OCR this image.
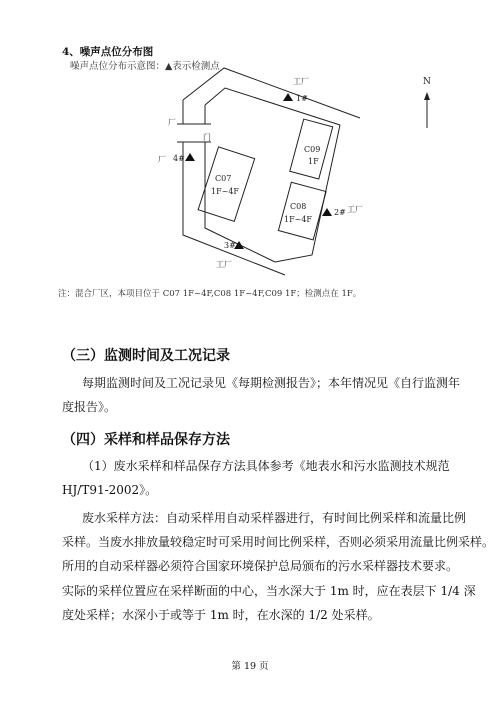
4、噪声点位分布图
噪声点位分布示意图：▲表示检测点
工厂
厂
厂
工厂
工厂
门
1#
2#
3#
4#
C07
1F~4F
C08
1F~4F
C09
1F
N
注：混合厂区，本项目位于 C07 1F~4F,C08 1F~4F,C09 1F；检测点在 1F。
（三）监测时间及工况记录
每期监测时间及工况记录见《每期检测报告》；本年情况见《自行监测年
度报告》。
（四）采样和样品保存方法
（1）废水采样和样品保存方法具体参考《地表水和污水监测技术规范
HJ/T91-2002》。
废水采样方法：自动采样用自动采样器进行，有时间比例采样和流量比例
采样。当废水排放量较稳定时可采用时间比例采样，否则必须采用流量比例采样。
所用的自动采样器必须符合国家环境保护总局颁布的污水采样器技术要求。
实际的采样位置应在采样断面的中心，当水深大于 1m 时，应在表层下 1/4 深
度处采样；水深小于或等于 1m 时，在水深的 1/2 处采样。
第 19 页
